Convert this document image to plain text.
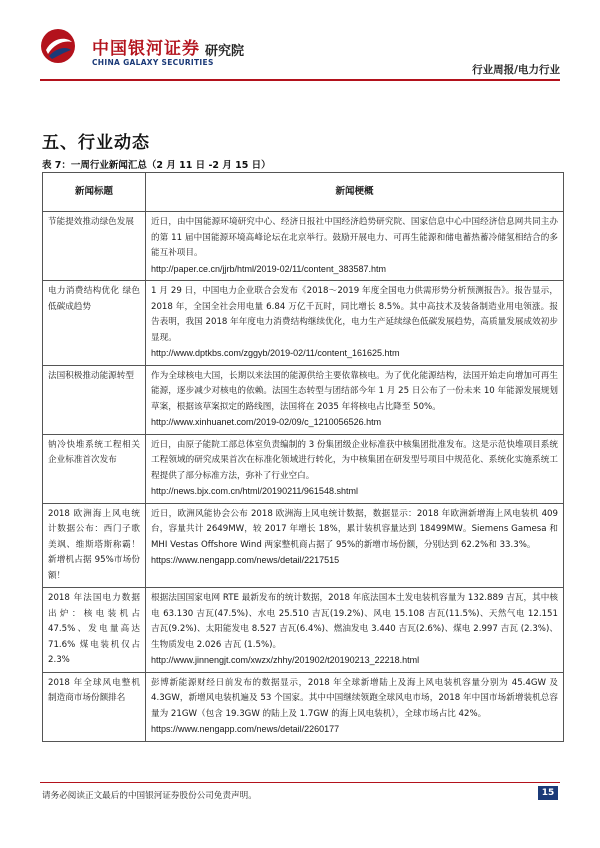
中国银河证券
CHINA GALAXY SECURITIES
研究院
行业周报/电力行业
五、行业动态
表 7：一周行业新闻汇总（2 月 11 日 -2 月 15 日）
新闻标题	新闻梗概
节能提效推动绿色发展	近日，由中国能源环境研究中心、经济日报社中国经济趋势研究院、国家信息中心中国经济信息网共同主办的第 11 届中国能源环境高峰论坛在北京举行。鼓励开展电力、可再生能源和储电蓄热蓄冷储氢相结合的多能互补项目。
http://paper.ce.cn/jjrb/html/2019-02/11/content_383587.htm

电力消费结构优化 绿色低碳成趋势	1 月 29 日，中国电力企业联合会发布《2018～2019 年度全国电力供需形势分析预测报告》。报告显示，2018 年，全国全社会用电量 6.84 万亿千瓦时，同比增长 8.5%。其中高技术及装备制造业用电领涨。报告表明，我国 2018 年年度电力消费结构继续优化，电力生产延续绿色低碳发展趋势，高质量发展成效初步显现。
http://www.dptkbs.com/zggyb/2019-02/11/content_161625.htm

法国积极推动能源转型	作为全球核电大国，长期以来法国的能源供给主要依靠核电。为了优化能源结构，法国开始走向增加可再生能源，逐步减少对核电的依赖。法国生态转型与团结部今年 1 月 25 日公布了一份未来 10 年能源发展规划草案，根据该草案拟定的路线图，法国将在 2035 年将核电占比降至 50%。
http://www.xinhuanet.com/2019-02/09/c_1210056526.htm

钠冷快堆系统工程相关企业标准首次发布	近日，由原子能院工部总体室负责编制的 3 份集团级企业标准获中核集团批准发布。这是示范快堆项目系统工程领域的研究成果首次在标准化领域进行转化，为中核集团在研发型号项目中规范化、系统化实施系统工程提供了部分标准方法，弥补了行业空白。
http://news.bjx.com.cn/html/20190211/961548.shtml

2018 欧洲海上风电统计数据公布：西门子歌美飒、维斯塔斯称霸！新增机占据 95%市场份额！	近日，欧洲风能协会公布 2018 欧洲海上风电统计数据，数据显示：2018 年欧洲新增海上风电装机 409 台，容量共计 2649MW，较 2017 年增长 18%，累计装机容量达到 18499MW。Siemens Gamesa 和 MHI Vestas Offshore Wind 两家整机商占据了 95%的新增市场份额，分别达到 62.2%和 33.3%。
https://www.nengapp.com/news/detail/2217515

2018 年法国电力数据出炉：核电装机占 47.5%、发电量高达 71.6% 煤电装机仅占 2.3%	根据法国国家电网 RTE 最新发布的统计数据，2018 年底法国本土发电装机容量为 132.889 吉瓦，其中核电 63.130 吉瓦(47.5%)、水电 25.510 吉瓦(19.2%)、风电 15.108 吉瓦(11.5%)、天然气电 12.151 吉瓦(9.2%)、太阳能发电 8.527 吉瓦(6.4%)、燃油发电 3.440 吉瓦(2.6%)、煤电 2.997 吉瓦 (2.3%)、生物质发电 2.026 吉瓦 (1.5%)。
http://www.jinnengjt.com/xwzx/zhhy/201902/t20190213_22218.html

2018 年全球风电整机制造商市场份额排名	彭博新能源财经日前发布的数据显示，2018 年全球新增陆上及海上风电装机容量分别为 45.4GW 及 4.3GW，新增风电装机遍及 53 个国家。其中中国继续领跑全球风电市场，2018 年中国市场新增装机总容量为 21GW（包含 19.3GW 的陆上及 1.7GW 的海上风电装机），全球市场占比 42%。
https://www.nengapp.com/news/detail/2260177
请务必阅读正文最后的中国银河证券股份公司免责声明。	15
